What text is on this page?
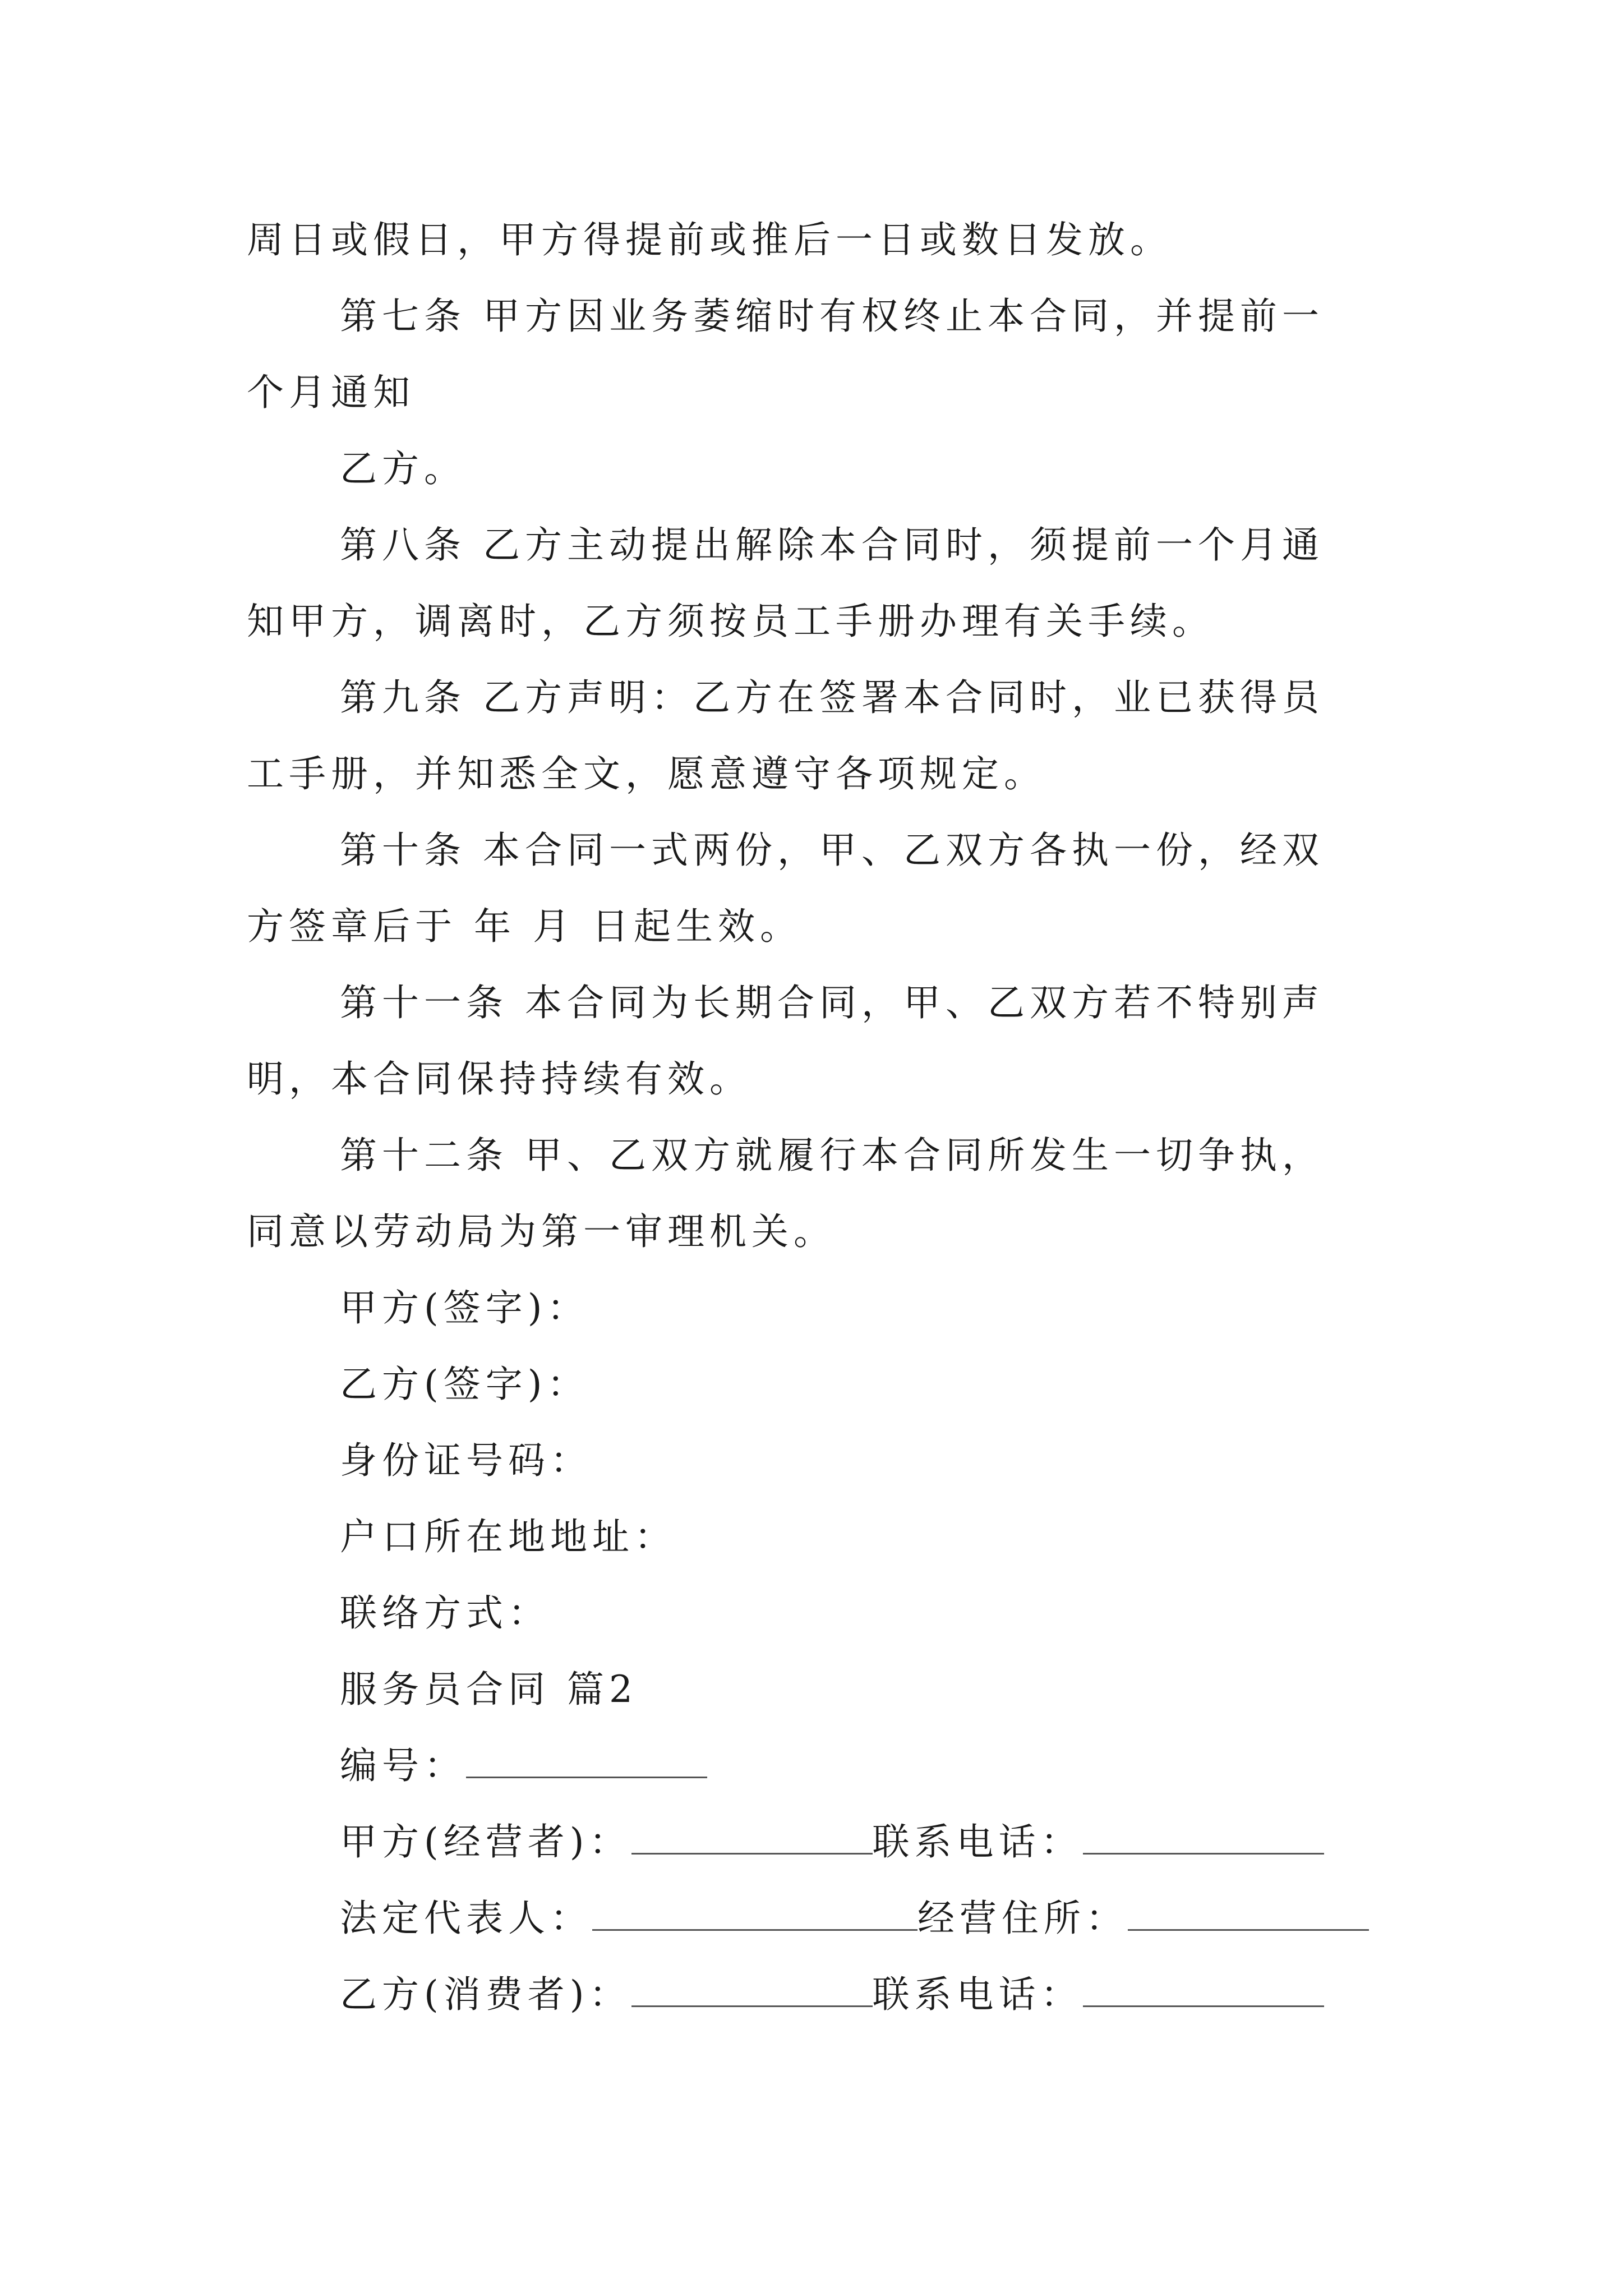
周日或假日，甲方得提前或推后一日或数日发放。
第七条 甲方因业务萎缩时有权终止本合同，并提前一
个月通知
乙方。
第八条 乙方主动提出解除本合同时，须提前一个月通
知甲方，调离时，乙方须按员工手册办理有关手续。
第九条 乙方声明：乙方在签署本合同时，业已获得员
工手册，并知悉全文，愿意遵守各项规定。
第十条 本合同一式两份，甲、乙双方各执一份，经双
方签章后于 年 月 日起生效。
第十一条 本合同为长期合同，甲、乙双方若不特别声
明，本合同保持持续有效。
第十二条 甲、乙双方就履行本合同所发生一切争执，
同意以劳动局为第一审理机关。
甲方(签字)：
乙方(签字)：
身份证号码：
户口所在地地址：
联络方式：
服务员合同 篇2
编号：
甲方(经营者)：	联系电话：
法定代表人：	经营住所：
乙方(消费者)：	联系电话：
